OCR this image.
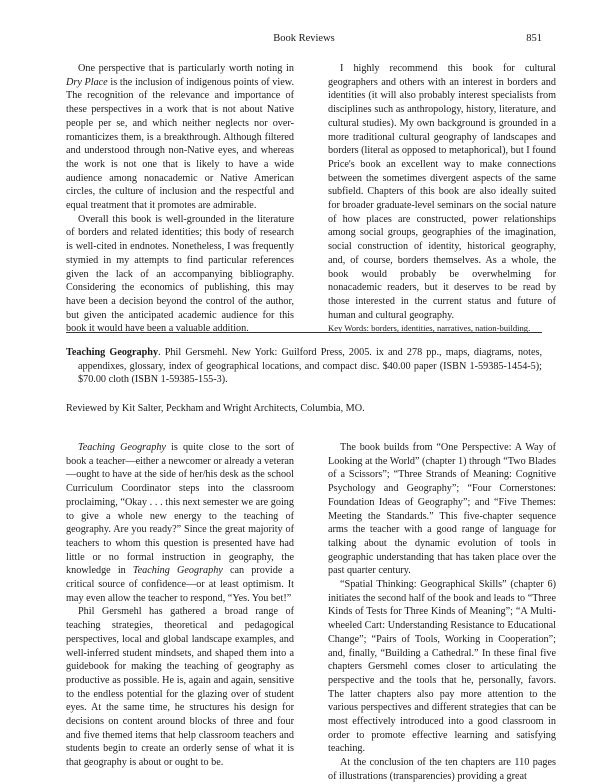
Book Reviews	851

One perspective that is particularly worth noting in Dry Place is the inclusion of indigenous points of view. The recognition of the relevance and importance of these perspectives in a work that is not about Native people per se, and which neither neglects nor over-romanticizes them, is a breakthrough. Although filtered and understood through non-Native eyes, and whereas the work is not one that is likely to have a wide audience among nonacademic or Native American circles, the culture of inclusion and the respectful and equal treatment that it promotes are admirable.

Overall this book is well-grounded in the literature of borders and related identities; this body of research is well-cited in endnotes. Nonetheless, I was frequently stymied in my attempts to find particular references given the lack of an accompanying bibliography. Considering the economics of publishing, this may have been a decision beyond the control of the author, but given the anticipated academic audience for this book it would have been a valuable addition.

I highly recommend this book for cultural geographers and others with an interest in borders and identities (it will also probably interest specialists from disciplines such as anthropology, history, literature, and cultural studies). My own background is grounded in a more traditional cultural geography of landscapes and borders (literal as opposed to metaphorical), but I found Price's book an excellent way to make connections between the sometimes divergent aspects of the same subfield. Chapters of this book are also ideally suited for broader graduate-level seminars on the social nature of how places are constructed, power relationships among social groups, geographies of the imagination, social construction of identity, historical geography, and, of course, borders themselves. As a whole, the book would probably be overwhelming for nonacademic readers, but it deserves to be read by those interested in the current status and future of human and cultural geography.

Key Words: borders, identities, narratives, nation-building.

Teaching Geography. Phil Gersmehl. New York: Guilford Press, 2005. ix and 278 pp., maps, diagrams, notes, appendixes, glossary, index of geographical locations, and compact disc. $40.00 paper (ISBN 1-59385-1454-5); $70.00 cloth (ISBN 1-59385-155-3).
Reviewed by Kit Salter, Peckham and Wright Architects, Columbia, MO.

Teaching Geography is quite close to the sort of book a teacher—either a newcomer or already a veteran—ought to have at the side of her/his desk as the school Curriculum Coordinator steps into the classroom proclaiming, “Okay . . . this next semester we are going to give a whole new energy to the teaching of geography. Are you ready?” Since the great majority of teachers to whom this question is presented have had little or no formal instruction in geography, the knowledge in Teaching Geography can provide a critical source of confidence—or at least optimism. It may even allow the teacher to respond, “Yes. You bet!”

Phil Gersmehl has gathered a broad range of teaching strategies, theoretical and pedagogical perspectives, local and global landscape examples, and well-inferred student mindsets, and shaped them into a guidebook for making the teaching of geography as productive as possible. He is, again and again, sensitive to the endless potential for the glazing over of student eyes. At the same time, he structures his design for decisions on content around blocks of three and four and five themed items that help classroom teachers and students begin to create an orderly sense of what it is that geography is about or ought to be.

The book builds from “One Perspective: A Way of Looking at the World” (chapter 1) through “Two Blades of a Scissors”; “Three Strands of Meaning: Cognitive Psychology and Geography”; “Four Cornerstones: Foundation Ideas of Geography”; and “Five Themes: Meeting the Standards.” This five-chapter sequence arms the teacher with a good range of language for talking about the dynamic evolution of tools in geographic understanding that has taken place over the past quarter century.

“Spatial Thinking: Geographical Skills” (chapter 6) initiates the second half of the book and leads to “Three Kinds of Tests for Three Kinds of Meaning”; “A Multi-wheeled Cart: Understanding Resistance to Educational Change”; “Pairs of Tools, Working in Cooperation”; and, finally, “Building a Cathedral.” In these final five chapters Gersmehl comes closer to articulating the perspective and the tools that he, personally, favors. The latter chapters also pay more attention to the various perspectives and different strategies that can be most effectively introduced into a good classroom in order to promote effective learning and satisfying teaching.

At the conclusion of the ten chapters are 110 pages of illustrations (transparencies) providing a great
